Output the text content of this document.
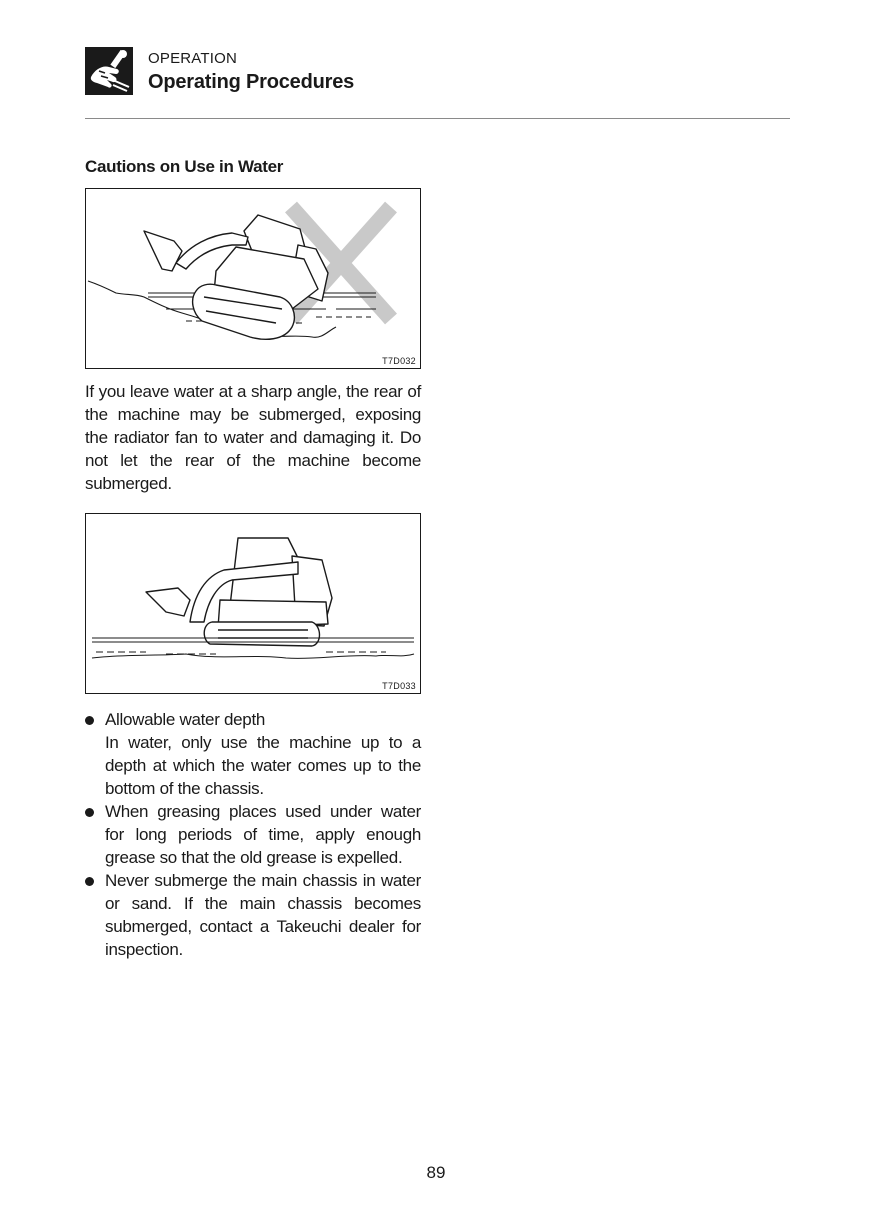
OPERATION
Operating Procedures
Cautions on Use in Water
T7D032

If you leave water at a sharp angle, the rear of the machine may be submerged, exposing the radiator fan to water and damaging it. Do not let the rear of the machine become submerged.

T7D033
Allowable water depth
In water, only use the machine up to a depth at which the water comes up to the bottom of the chassis.
When greasing places used under water for long periods of time, apply enough grease so that the old grease is expelled.
Never submerge the main chassis in water or sand. If the main chassis becomes submerged, contact a Takeuchi dealer for inspection.
89
